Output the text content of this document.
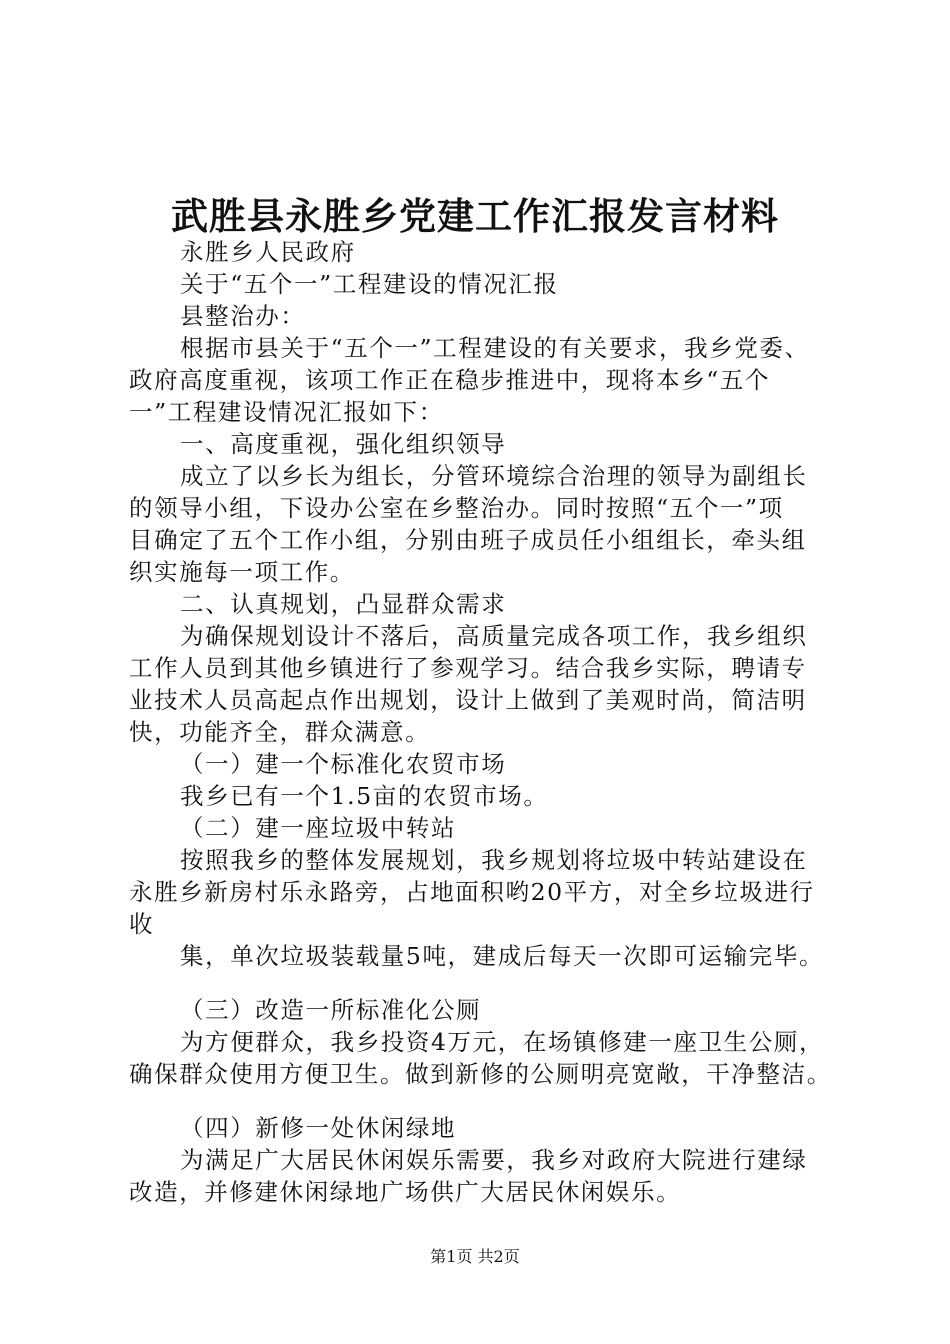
武胜县永胜乡党建工作汇报发言材料
永胜乡人民政府
关于“五个一”工程建设的情况汇报
县整治办：
根据市县关于“五个一”工程建设的有关要求，我乡党委、
政府高度重视，该项工作正在稳步推进中，现将本乡“五个
一”工程建设情况汇报如下：
一、高度重视，强化组织领导
成立了以乡长为组长，分管环境综合治理的领导为副组长
的领导小组，下设办公室在乡整治办。同时按照“五个一”项
目确定了五个工作小组，分别由班子成员任小组组长，牵头组
织实施每一项工作。
二、认真规划，凸显群众需求
为确保规划设计不落后，高质量完成各项工作，我乡组织
工作人员到其他乡镇进行了参观学习。结合我乡实际，聘请专
业技术人员高起点作出规划，设计上做到了美观时尚，简洁明
快，功能齐全，群众满意。
（一）建一个标准化农贸市场
我乡已有一个1.5亩的农贸市场。
（二）建一座垃圾中转站
按照我乡的整体发展规划，我乡规划将垃圾中转站建设在
永胜乡新房村乐永路旁，占地面积哟20平方，对全乡垃圾进行
收
集，单次垃圾装载量5吨，建成后每天一次即可运输完毕。
（三）改造一所标准化公厕
为方便群众，我乡投资4万元，在场镇修建一座卫生公厕，
确保群众使用方便卫生。做到新修的公厕明亮宽敞，干净整洁。
（四）新修一处休闲绿地
为满足广大居民休闲娱乐需要，我乡对政府大院进行建绿
改造，并修建休闲绿地广场供广大居民休闲娱乐。
第1页 共2页
